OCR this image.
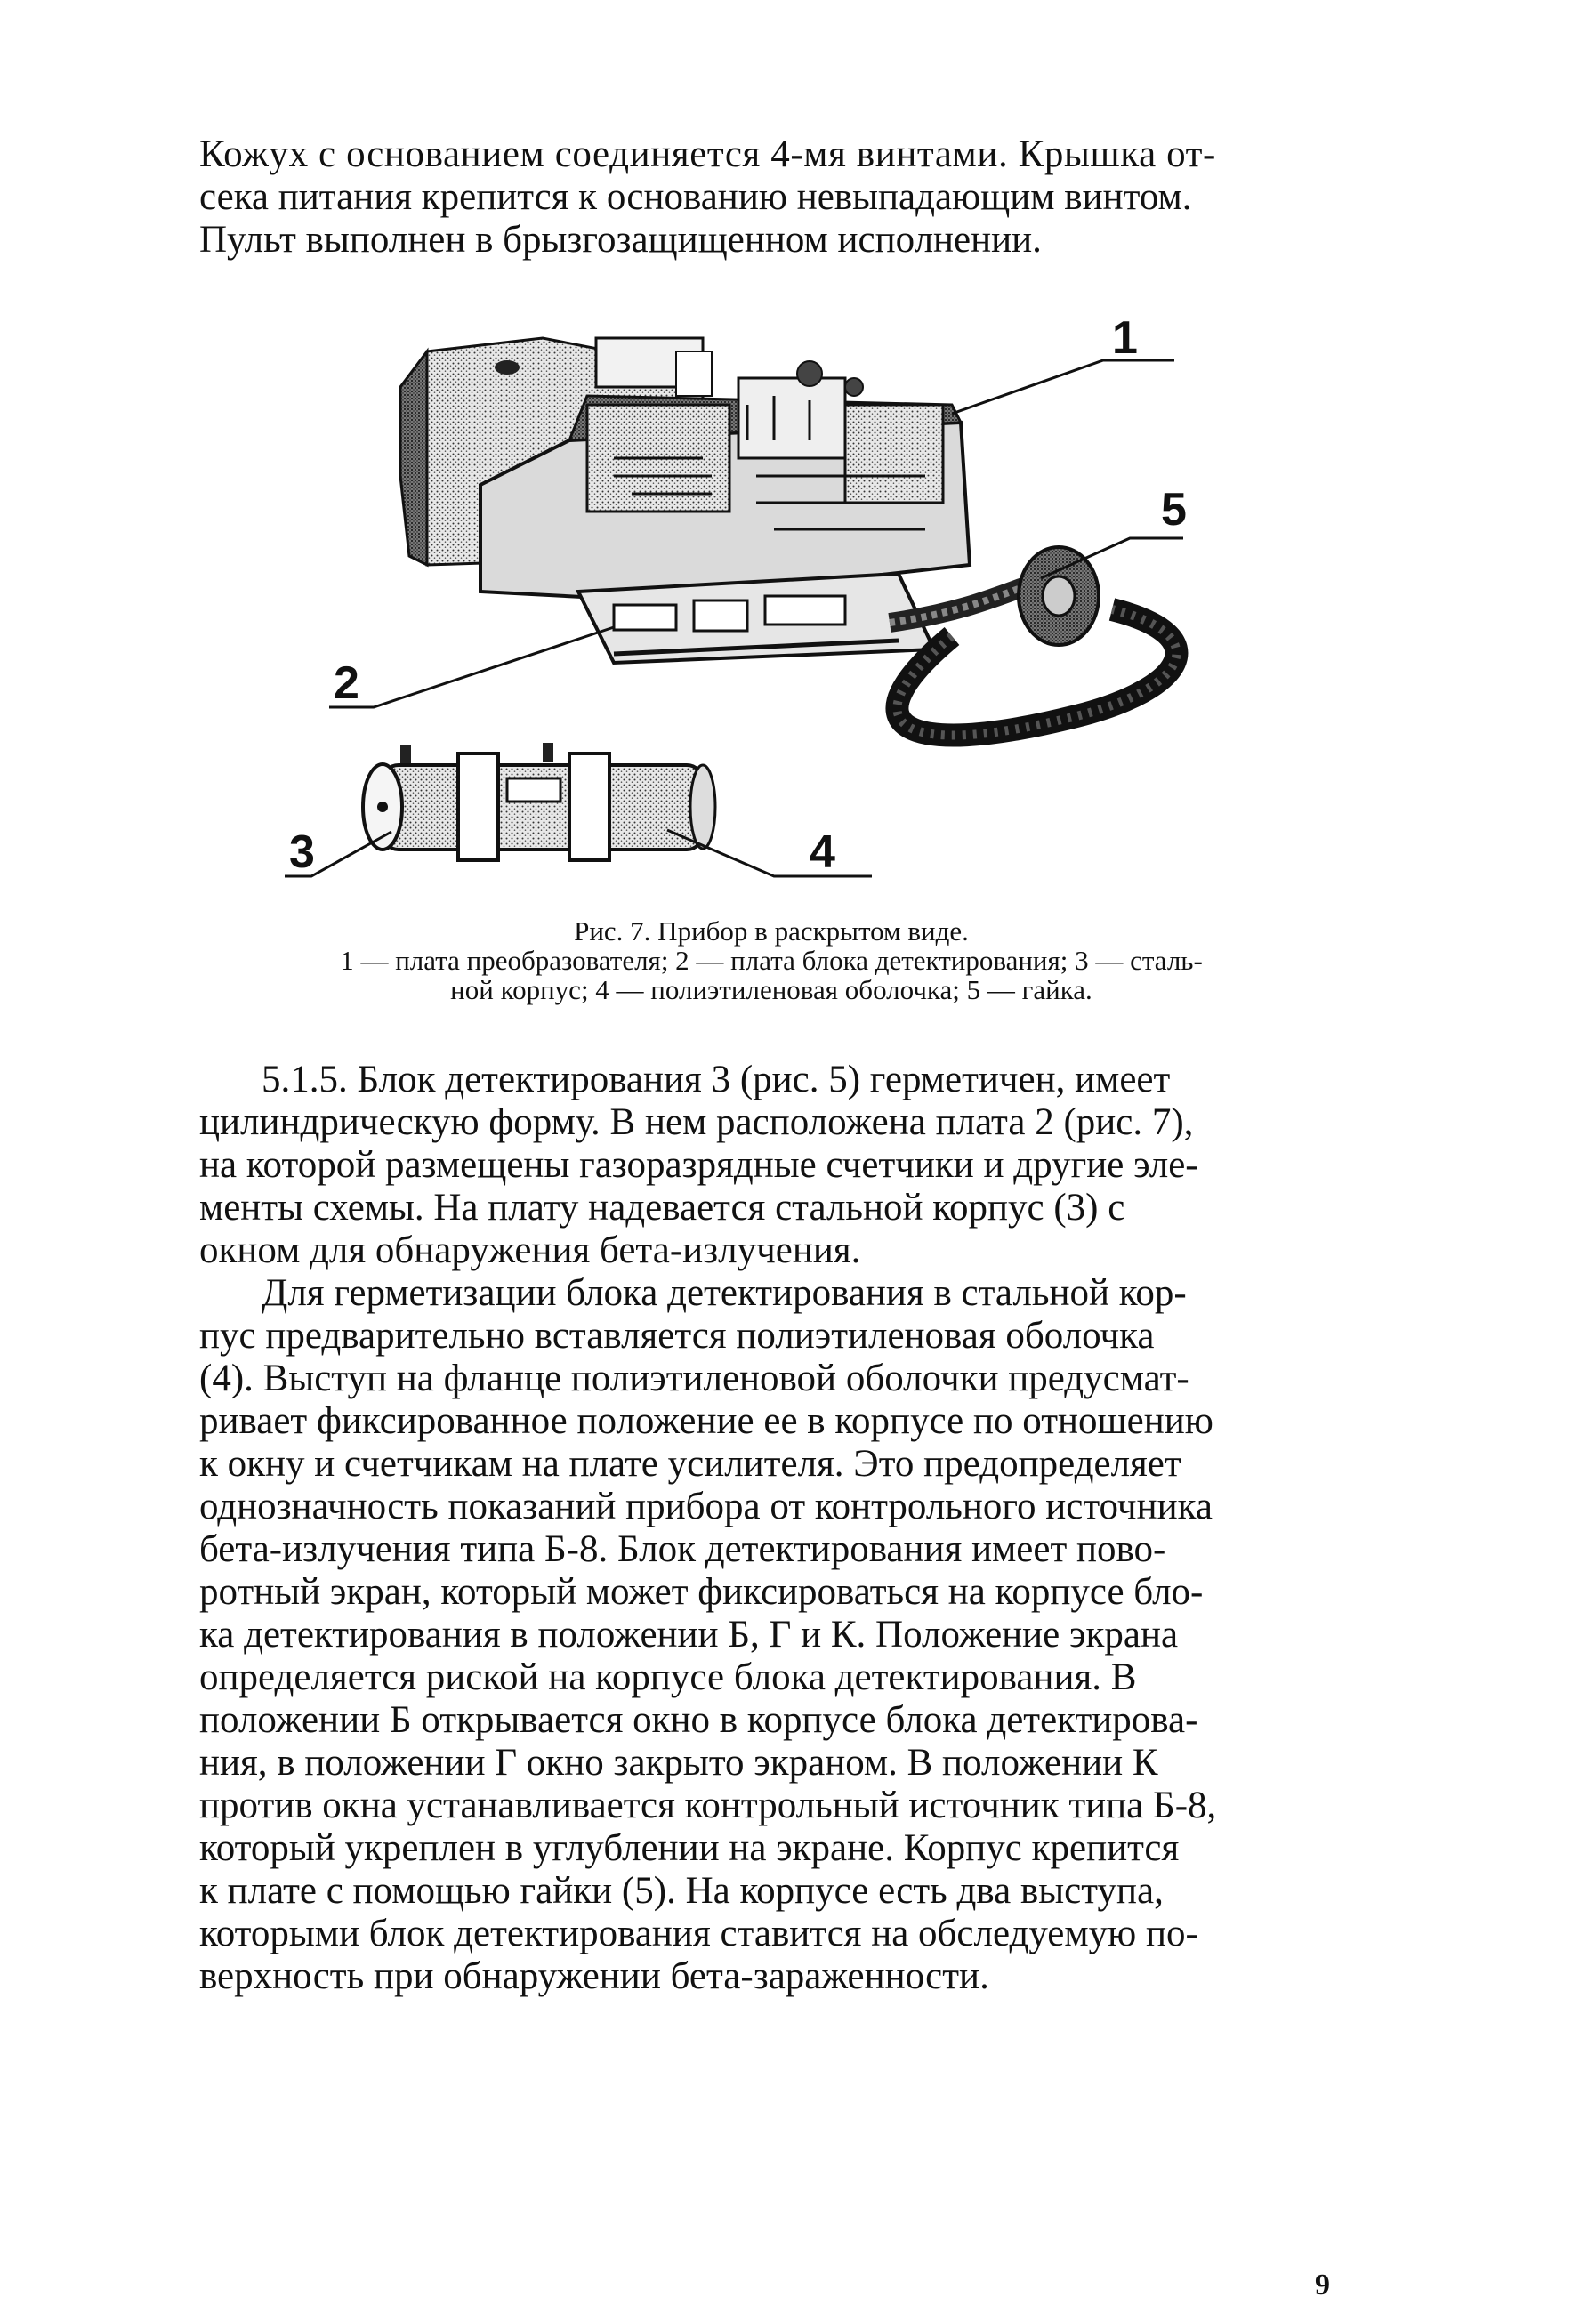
Кожух с основанием соединяется 4-мя винтами. Крышка от-
сека питания крепится к основанию невыпадающим винтом.
Пульт выполнен в брызгозащищенном исполнении.
1
5
2
3	4
Рис. 7. Прибор в раскрытом виде.
1 — плата преобразователя; 2 — плата блока детектирования; 3 — сталь-
ной корпус; 4 — полиэтиленовая оболочка; 5 — гайка.
5.1.5. Блок детектирования 3 (рис. 5) герметичен, имеет
цилиндрическую форму. В нем расположена плата 2 (рис. 7),
на которой размещены газоразрядные счетчики и другие эле-
менты схемы. На плату надевается стальной корпус (3) с
окном для обнаружения бета-излучения.
Для герметизации блока детектирования в стальной кор-
пус предварительно вставляется полиэтиленовая оболочка
(4). Выступ на фланце полиэтиленовой оболочки предусмат-
ривает фиксированное положение ее в корпусе по отношению
к окну и счетчикам на плате усилителя. Это предопределяет
однозначность показаний прибора от контрольного источника
бета-излучения типа Б-8. Блок детектирования имеет пово-
ротный экран, который может фиксироваться на корпусе бло-
ка детектирования в положении Б, Г и К. Положение экрана
определяется риской на корпусе блока детектирования. В
положении Б открывается окно в корпусе блока детектирова-
ния, в положении Г окно закрыто экраном. В положении К
против окна устанавливается контрольный источник типа Б-8,
который укреплен в углублении на экране. Корпус крепится
к плате с помощью гайки (5). На корпусе есть два выступа,
которыми блок детектирования ставится на обследуемую по-
верхность при обнаружении бета-зараженности.
9
